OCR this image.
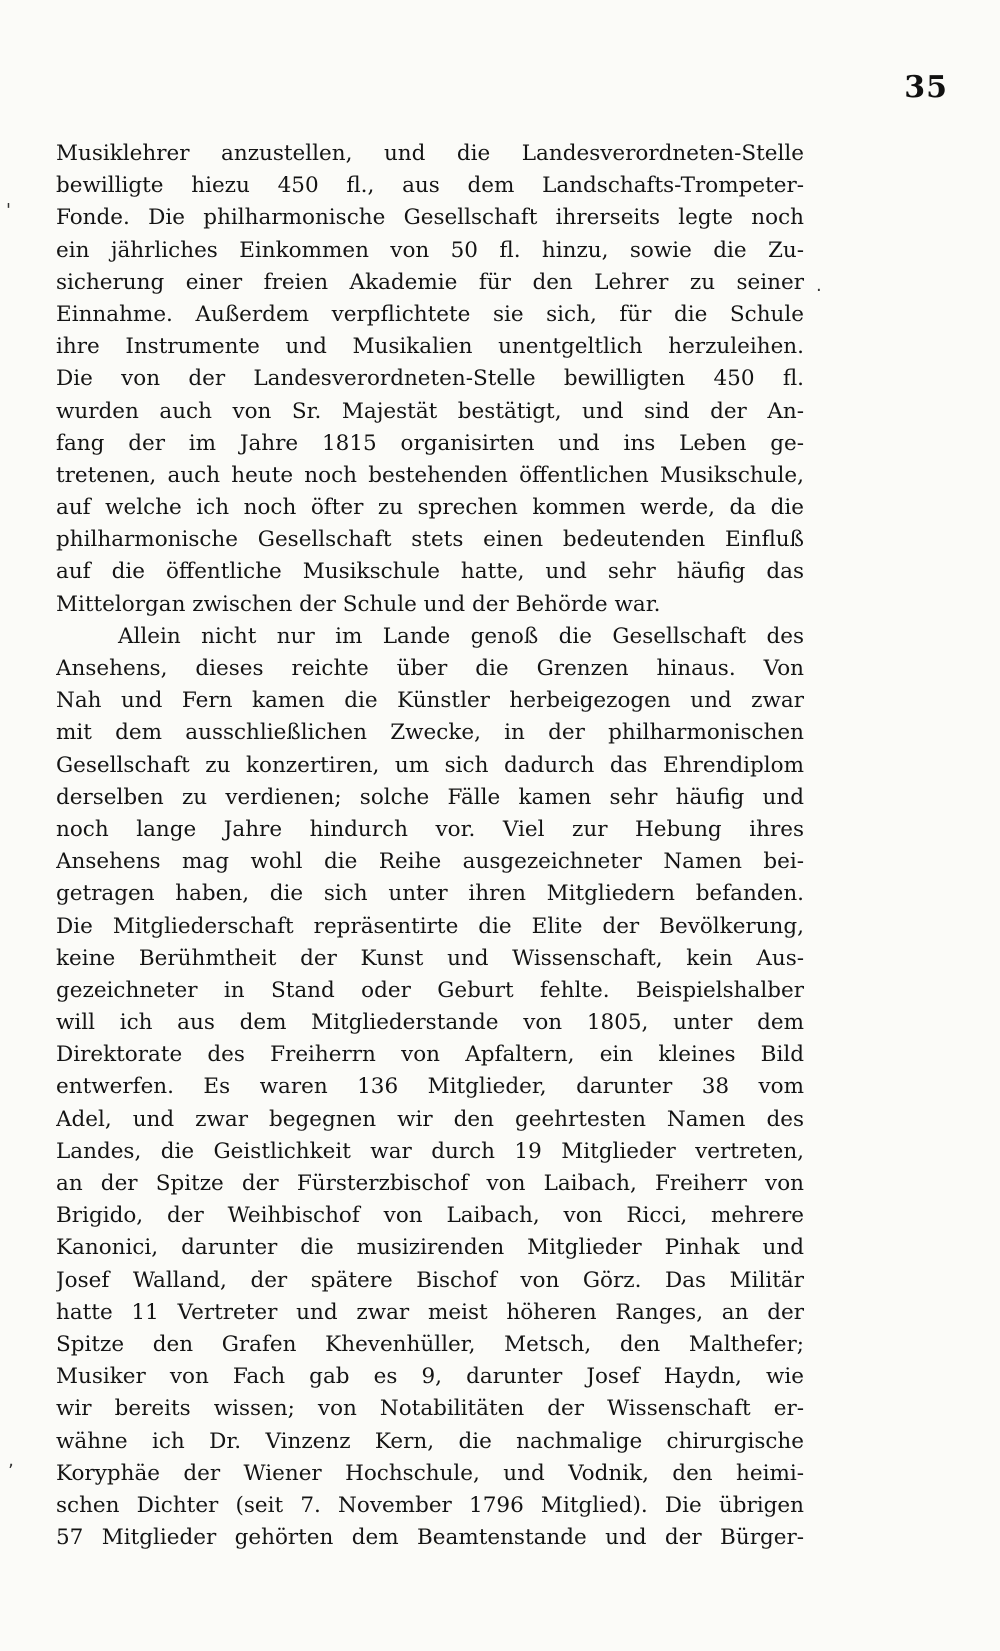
35
'
·
‚
Musiklehrer anzustellen, und die Landesverordneten-Stelle
bewilligte hiezu 450 fl., aus dem Landschafts-Trompeter-
Fonde. Die philharmonische Gesellschaft ihrerseits legte noch
ein jährliches Einkommen von 50 fl. hinzu, sowie die Zu-
sicherung einer freien Akademie für den Lehrer zu seiner
Einnahme. Außerdem verpflichtete sie sich, für die Schule
ihre Instrumente und Musikalien unentgeltlich herzuleihen.
Die von der Landesverordneten-Stelle bewilligten 450 fl.
wurden auch von Sr. Majestät bestätigt, und sind der An-
fang der im Jahre 1815 organisirten und ins Leben ge-
tretenen, auch heute noch bestehenden öffentlichen Musikschule,
auf welche ich noch öfter zu sprechen kommen werde, da die
philharmonische Gesellschaft stets einen bedeutenden Einfluß
auf die öffentliche Musikschule hatte, und sehr häufig das
Mittelorgan zwischen der Schule und der Behörde war.
Allein nicht nur im Lande genoß die Gesellschaft des
Ansehens, dieses reichte über die Grenzen hinaus. Von
Nah und Fern kamen die Künstler herbeigezogen und zwar
mit dem ausschließlichen Zwecke, in der philharmonischen
Gesellschaft zu konzertiren, um sich dadurch das Ehrendiplom
derselben zu verdienen; solche Fälle kamen sehr häufig und
noch lange Jahre hindurch vor. Viel zur Hebung ihres
Ansehens mag wohl die Reihe ausgezeichneter Namen bei-
getragen haben, die sich unter ihren Mitgliedern befanden.
Die Mitgliederschaft repräsentirte die Elite der Bevölkerung,
keine Berühmtheit der Kunst und Wissenschaft, kein Aus-
gezeichneter in Stand oder Geburt fehlte. Beispielshalber
will ich aus dem Mitgliederstande von 1805, unter dem
Direktorate des Freiherrn von Apfaltern, ein kleines Bild
entwerfen. Es waren 136 Mitglieder, darunter 38 vom
Adel, und zwar begegnen wir den geehrtesten Namen des
Landes, die Geistlichkeit war durch 19 Mitglieder vertreten,
an der Spitze der Fürsterzbischof von Laibach, Freiherr von
Brigido, der Weihbischof von Laibach, von Ricci, mehrere
Kanonici, darunter die musizirenden Mitglieder Pinhak und
Josef Walland, der spätere Bischof von Görz. Das Militär
hatte 11 Vertreter und zwar meist höheren Ranges, an der
Spitze den Grafen Khevenhüller, Metsch, den Malthefer;
Musiker von Fach gab es 9, darunter Josef Haydn, wie
wir bereits wissen; von Notabilitäten der Wissenschaft er-
wähne ich Dr. Vinzenz Kern, die nachmalige chirurgische
Koryphäe der Wiener Hochschule, und Vodnik, den heimi-
schen Dichter (seit 7. November 1796 Mitglied). Die übrigen
57 Mitglieder gehörten dem Beamtenstande und der Bürger-
